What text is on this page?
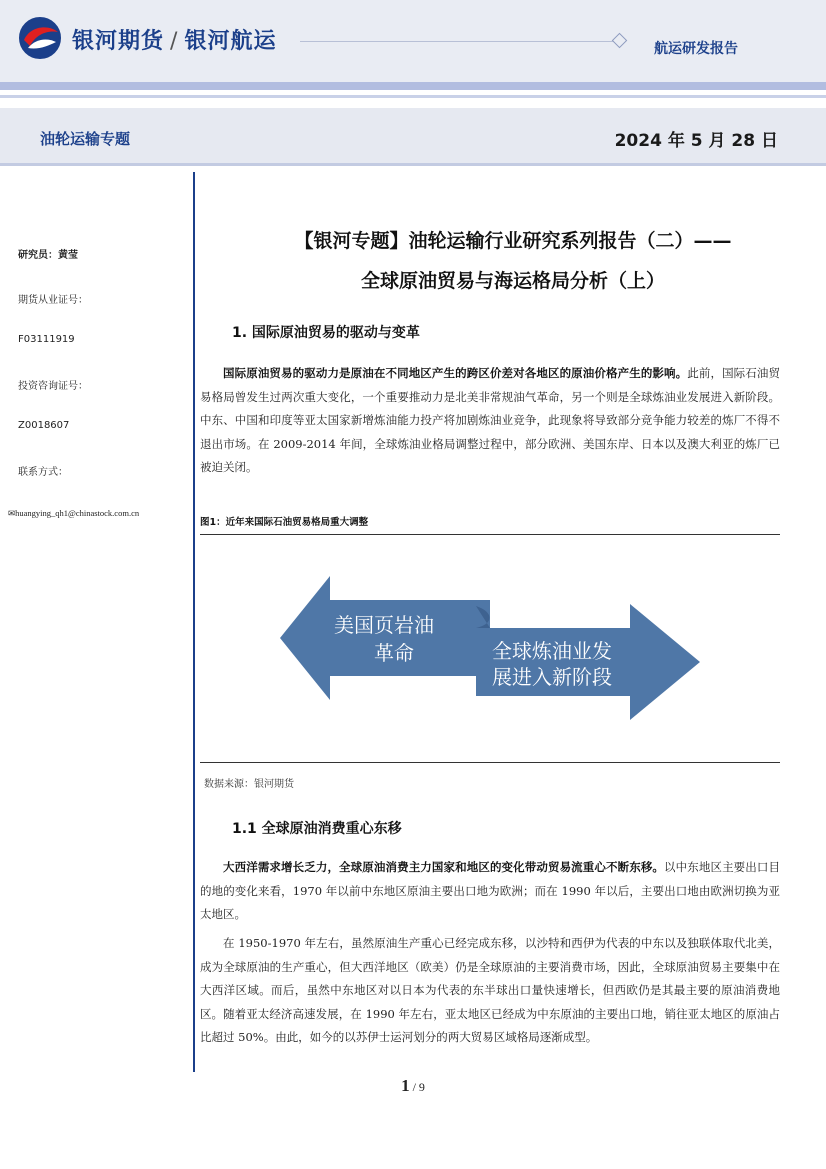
银河期货 / 银河航运	航运研发报告
油轮运输专题	2024 年 5 月 28 日
研究员：黄莹
期货从业证号：
F03111919
投资咨询证号：
Z0018607
联系方式：
✉huangying_qh1@chinastock.com.cn
【银河专题】油轮运输行业研究系列报告（二）——
全球原油贸易与海运格局分析（上）
1. 国际原油贸易的驱动与变革
国际原油贸易的驱动力是原油在不同地区产生的跨区价差对各地区的原油价格产生的影响。此前，国际石油贸易格局曾发生过两次重大变化，一个重要推动力是北美非常规油气革命，另一个则是全球炼油业发展进入新阶段。中东、中国和印度等亚太国家新增炼油能力投产将加剧炼油业竞争，此现象将导致部分竞争能力较差的炼厂不得不退出市场。在 2009-2014 年间，全球炼油业格局调整过程中，部分欧洲、美国东岸、日本以及澳大利亚的炼厂已被迫关闭。
图1：近年来国际石油贸易格局重大调整
美国页岩油
革命	全球炼油业发
展进入新阶段
数据来源：银河期货
1.1 全球原油消费重心东移
大西洋需求增长乏力，全球原油消费主力国家和地区的变化带动贸易流重心不断东移。以中东地区主要出口目的地的变化来看，1970 年以前中东地区原油主要出口地为欧洲；而在 1990 年以后，主要出口地由欧洲切换为亚太地区。
在 1950-1970 年左右，虽然原油生产重心已经完成东移，以沙特和西伊为代表的中东以及独联体取代北美，成为全球原油的生产重心，但大西洋地区（欧美）仍是全球原油的主要消费市场，因此，全球原油贸易主要集中在大西洋区域。而后，虽然中东地区对以日本为代表的东半球出口量快速增长，但西欧仍是其最主要的原油消费地区。随着亚太经济高速发展，在 1990 年左右，亚太地区已经成为中东原油的主要出口地，销往亚太地区的原油占比超过 50%。由此，如今的以苏伊士运河划分的两大贸易区域格局逐渐成型。
1 / 9
